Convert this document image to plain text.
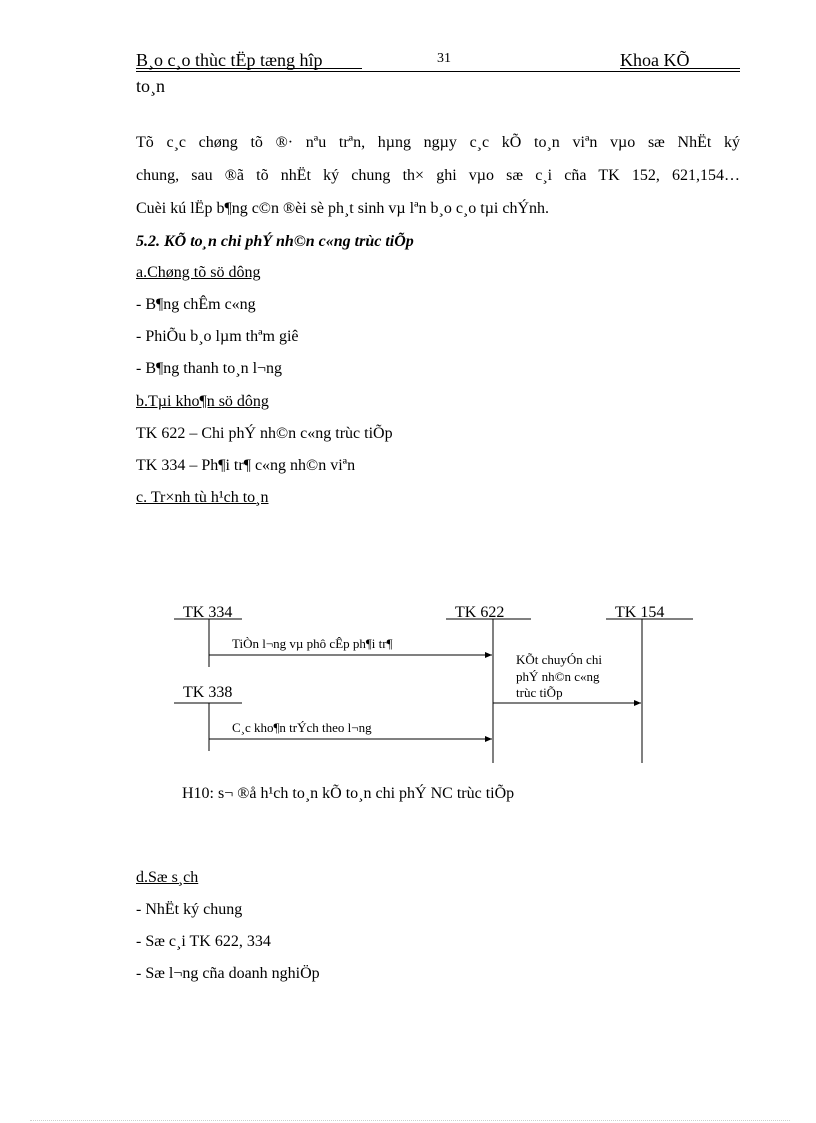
B¸o c¸o thùc tËp tæng hîp	31	Khoa KÕ
to¸n
Tõ c¸c chøng tõ ®· nªu trªn, hµng ngµy c¸c kÕ to¸n viªn vµo sæ NhËt ký
chung, sau ®ã tõ nhËt ký chung th× ghi vµo sæ c¸i cña TK 152, 621,154…
Cuèi kú lËp b¶ng c©n ®èi sè ph¸t sinh vµ lªn b¸o c¸o tµi chÝnh.
5.2. KÕ to¸n chi phÝ nh©n c«ng trùc tiÕp
a.Chøng tõ sö dông
- B¶ng chÊm c«ng
- PhiÕu b¸o lµm thªm giê
- B¶ng thanh to¸n l¬ng
b.Tµi kho¶n sö dông
TK 622 – Chi phÝ nh©n c«ng trùc tiÕp
TK 334 – Ph¶i tr¶ c«ng nh©n viªn
c. Tr×nh tù h¹ch to¸n
TK 334	TK 622	TK 154
TK 338
TiÒn l¬ng vµ phô cÊp ph¶i tr¶
KÕt chuyÓn chi
phÝ nh©n c«ng
trùc tiÕp
C¸c kho¶n trÝch theo l¬ng
H10: s¬ ®å h¹ch to¸n kÕ to¸n chi phÝ NC trùc tiÕp
d.Sæ s¸ch
- NhËt ký chung
- Sæ c¸i TK 622, 334
- Sæ l¬ng cña doanh nghiÖp
